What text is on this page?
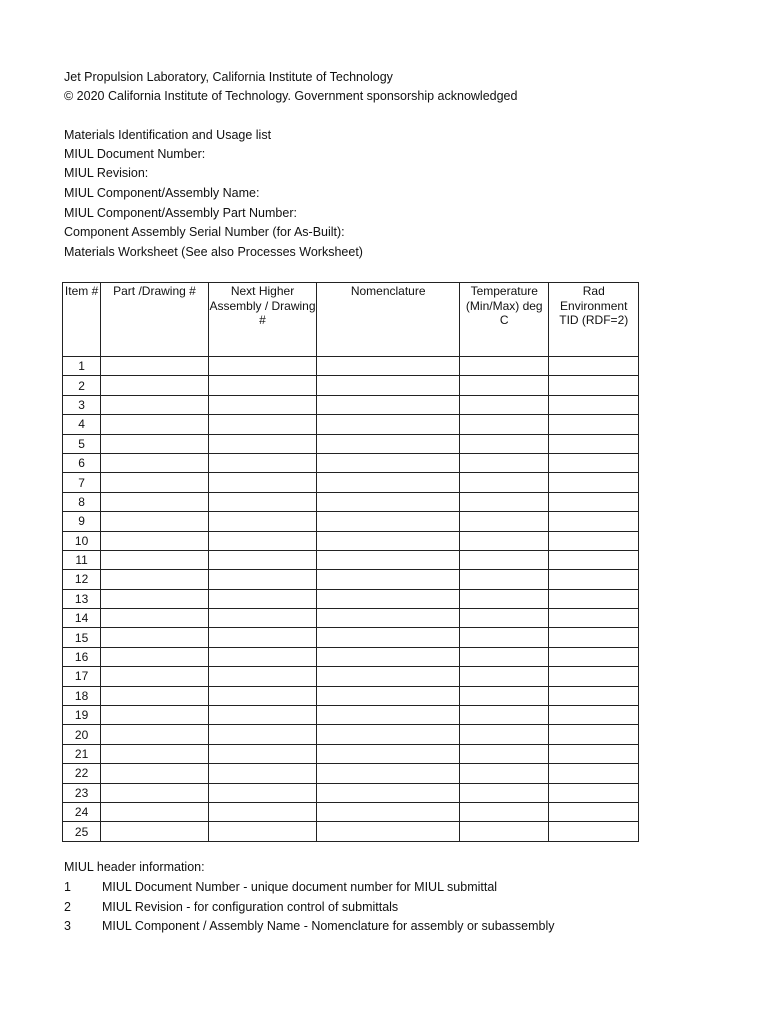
Jet Propulsion Laboratory, California Institute of Technology
© 2020 California Institute of Technology. Government sponsorship acknowledged
Materials Identification and Usage list
MIUL Document Number:
MIUL Revision:
MIUL Component/Assembly Name:
MIUL Component/Assembly Part Number:
Component Assembly Serial Number (for As-Built):
Materials Worksheet (See also Processes Worksheet)
Item #	Part /Drawing #	Next Higher Assembly / Drawing #	Nomenclature	Temperature (Min/Max) deg C	Rad Environment TID (RDF=2)
1					
2					
3					
4					
5					
6					
7					
8					
9					
10					
11					
12					
13					
14					
15					
16					
17					
18					
19					
20					
21					
22					
23					
24					
25					
MIUL header information:
1 MIUL Document Number - unique document number for MIUL submittal
2 MIUL Revision - for configuration control of submittals
3 MIUL Component / Assembly Name - Nomenclature for assembly or subassembly
